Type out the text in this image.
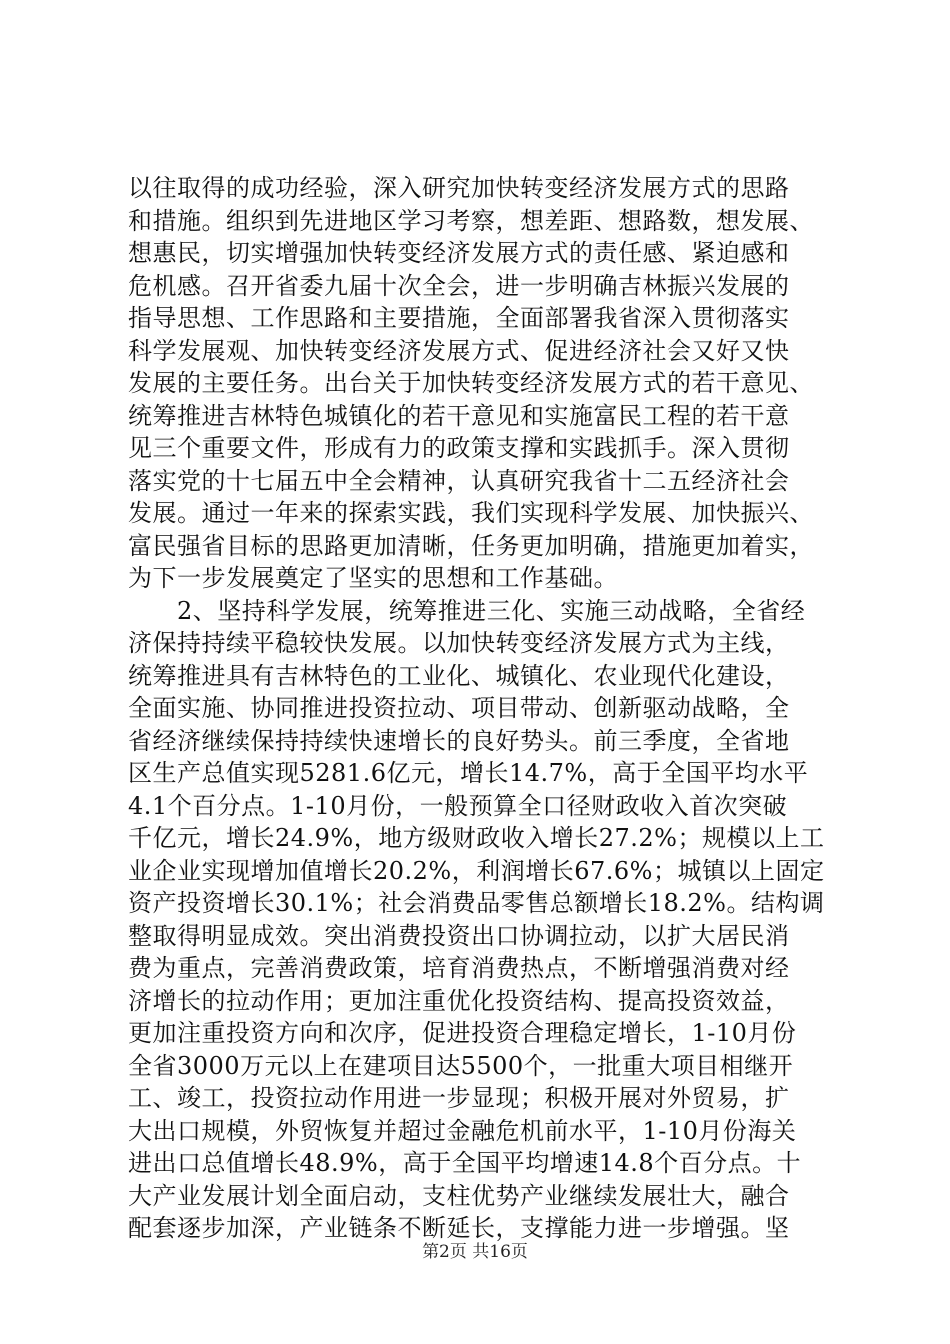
以往取得的成功经验，深入研究加快转变经济发展方式的思路
和措施。组织到先进地区学习考察，想差距、想路数，想发展、
想惠民，切实增强加快转变经济发展方式的责任感、紧迫感和
危机感。召开省委九届十次全会，进一步明确吉林振兴发展的
指导思想、工作思路和主要措施，全面部署我省深入贯彻落实
科学发展观、加快转变经济发展方式、促进经济社会又好又快
发展的主要任务。出台关于加快转变经济发展方式的若干意见、
统筹推进吉林特色城镇化的若干意见和实施富民工程的若干意
见三个重要文件，形成有力的政策支撑和实践抓手。深入贯彻
落实党的十七届五中全会精神，认真研究我省十二五经济社会
发展。通过一年来的探索实践，我们实现科学发展、加快振兴、
富民强省目标的思路更加清晰，任务更加明确，措施更加着实，
为下一步发展奠定了坚实的思想和工作基础。
　　2、坚持科学发展，统筹推进三化、实施三动战略，全省经
济保持持续平稳较快发展。以加快转变经济发展方式为主线，
统筹推进具有吉林特色的工业化、城镇化、农业现代化建设，
全面实施、协同推进投资拉动、项目带动、创新驱动战略，全
省经济继续保持持续快速增长的良好势头。前三季度，全省地
区生产总值实现5281.6亿元，增长14.7%，高于全国平均水平
4.1个百分点。1-10月份，一般预算全口径财政收入首次突破
千亿元，增长24.9%，地方级财政收入增长27.2%；规模以上工
业企业实现增加值增长20.2%，利润增长67.6%；城镇以上固定
资产投资增长30.1%；社会消费品零售总额增长18.2%。结构调
整取得明显成效。突出消费投资出口协调拉动，以扩大居民消
费为重点，完善消费政策，培育消费热点，不断增强消费对经
济增长的拉动作用；更加注重优化投资结构、提高投资效益，
更加注重投资方向和次序，促进投资合理稳定增长，1-10月份
全省3000万元以上在建项目达5500个，一批重大项目相继开
工、竣工，投资拉动作用进一步显现；积极开展对外贸易，扩
大出口规模，外贸恢复并超过金融危机前水平，1-10月份海关
进出口总值增长48.9%，高于全国平均增速14.8个百分点。十
大产业发展计划全面启动，支柱优势产业继续发展壮大，融合
配套逐步加深，产业链条不断延长，支撑能力进一步增强。坚
第2页 共16页
